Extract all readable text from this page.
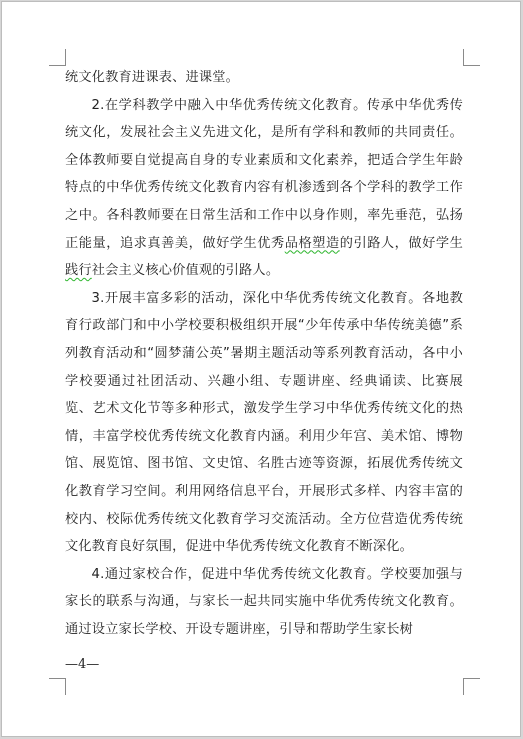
统文化教育进课表、进课堂。

2.在学科教学中融入中华优秀传统文化教育。传承中华优秀传统文化，发展社会主义先进文化，是所有学科和教师的共同责任。全体教师要自觉提高自身的专业素质和文化素养，把适合学生年龄特点的中华优秀传统文化教育内容有机渗透到各个学科的教学工作之中。各科教师要在日常生活和工作中以身作则，率先垂范，弘扬正能量，追求真善美，做好学生优秀品格塑造的引路人，做好学生践行社会主义核心价值观的引路人。

3.开展丰富多彩的活动，深化中华优秀传统文化教育。各地教育行政部门和中小学校要积极组织开展“少年传承中华传统美德”系列教育活动和“圆梦蒲公英”暑期主题活动等系列教育活动，各中小学校要通过社团活动、兴趣小组、专题讲座、经典诵读、比赛展览、艺术文化节等多种形式，激发学生学习中华优秀传统文化的热情，丰富学校优秀传统文化教育内涵。利用少年宫、美术馆、博物馆、展览馆、图书馆、文史馆、名胜古迹等资源，拓展优秀传统文化教育学习空间。利用网络信息平台，开展形式多样、内容丰富的校内、校际优秀传统文化教育学习交流活动。全方位营造优秀传统文化教育良好氛围，促进中华优秀传统文化教育不断深化。

4.通过家校合作，促进中华优秀传统文化教育。学校要加强与家长的联系与沟通，与家长一起共同实施中华优秀传统文化教育。通过设立家长学校、开设专题讲座，引导和帮助学生家长树

—4—
